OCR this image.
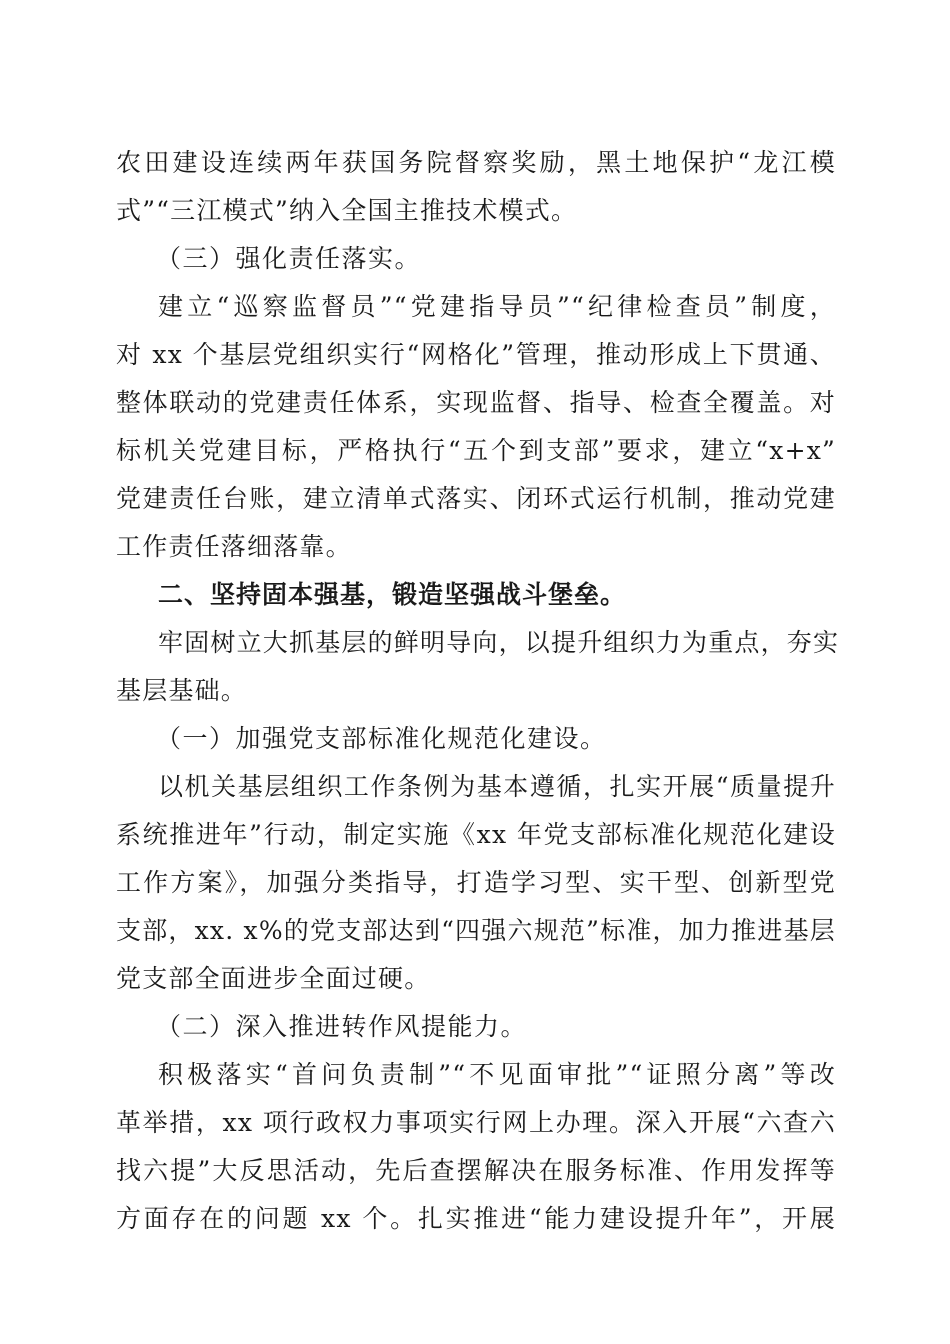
农田建设连续两年获国务院督察奖励，黑土地保护“龙江模
式”“三江模式”纳入全国主推技术模式。
（三）强化责任落实。
建立“巡察监督员”“党建指导员”“纪律检查员”制度，
对 xx 个基层党组织实行“网格化”管理，推动形成上下贯通、
整体联动的党建责任体系，实现监督、指导、检查全覆盖。对
标机关党建目标，严格执行“五个到支部”要求，建立“x+x”
党建责任台账，建立清单式落实、闭环式运行机制，推动党建
工作责任落细落靠。
二、坚持固本强基，锻造坚强战斗堡垒。
牢固树立大抓基层的鲜明导向，以提升组织力为重点，夯实
基层基础。
（一）加强党支部标准化规范化建设。
以机关基层组织工作条例为基本遵循，扎实开展“质量提升
系统推进年”行动，制定实施《xx 年党支部标准化规范化建设
工作方案》，加强分类指导，打造学习型、实干型、创新型党
支部，xx. x%的党支部达到“四强六规范”标准，加力推进基层
党支部全面进步全面过硬。
（二）深入推进转作风提能力。
积极落实“首问负责制”“不见面审批”“证照分离”等改
革举措，xx 项行政权力事项实行网上办理。深入开展“六查六
找六提”大反思活动，先后查摆解决在服务标准、作用发挥等
方面存在的问题 xx 个。扎实推进“能力建设提升年”，开展
